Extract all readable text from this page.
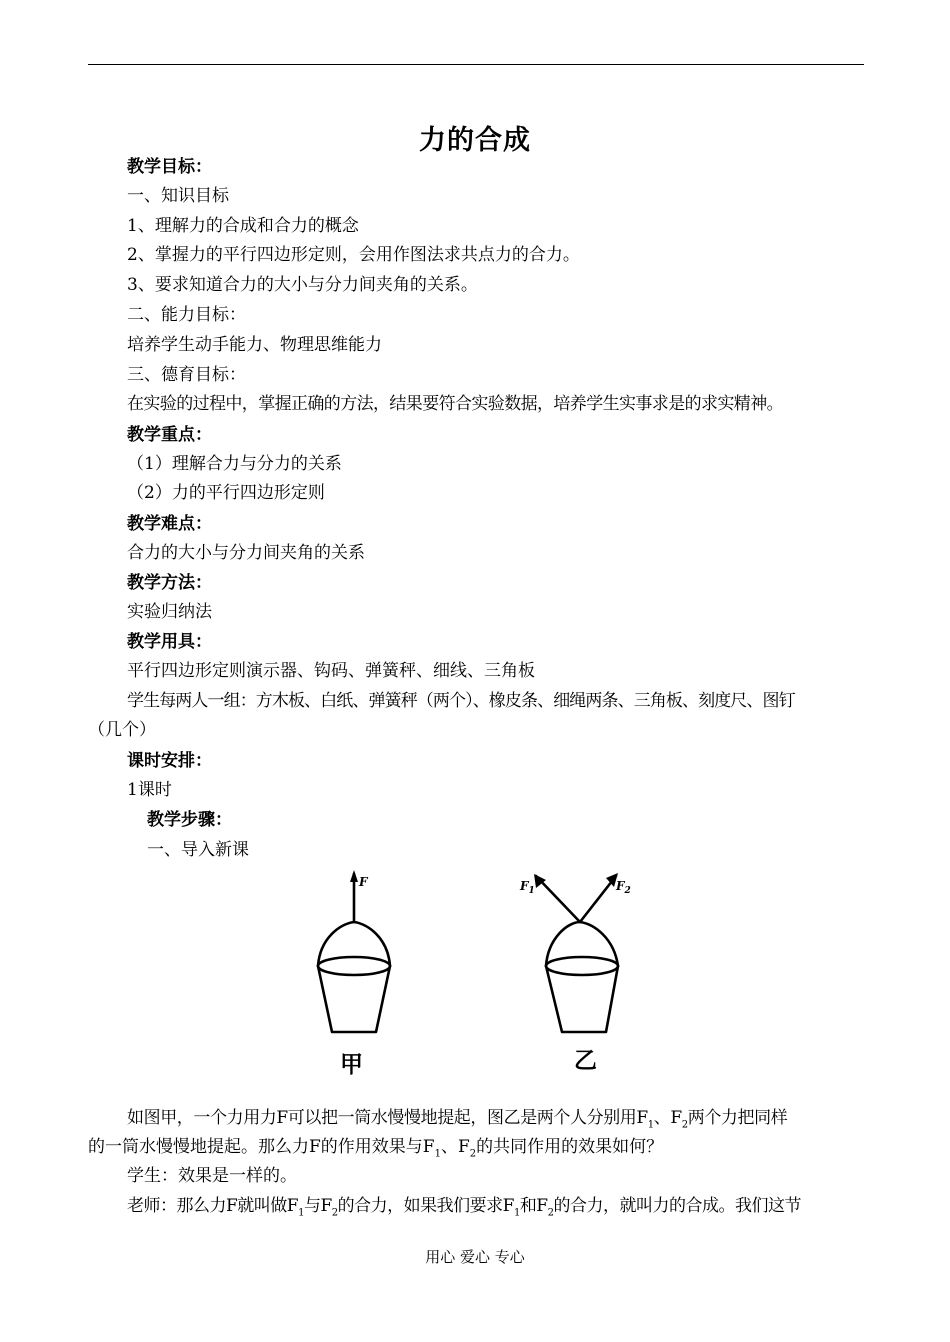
力的合成
教学目标：
一、知识目标
1、理解力的合成和合力的概念
2、掌握力的平行四边形定则，会用作图法求共点力的合力。
3、要求知道合力的大小与分力间夹角的关系。
二、能力目标：
培养学生动手能力、物理思维能力
三、德育目标：
在实验的过程中，掌握正确的方法，结果要符合实验数据，培养学生实事求是的求实精神。
教学重点：
（1）理解合力与分力的关系
（2）力的平行四边形定则
教学难点：
合力的大小与分力间夹角的关系
教学方法：
实验归纳法
教学用具：
平行四边形定则演示器、钩码、弹簧秤、细线、三角板
学生每两人一组：方木板、白纸、弹簧秤（两个）、橡皮条、细绳两条、三角板、刻度尺、图钉
（几个）
课时安排：
1课时
教学步骤：
一、导入新课
F	$F_1$	$F_2$
甲	乙
如图甲，一个力用力F可以把一筒水慢慢地提起，图乙是两个人分别用$F_1$、$F_2$两个力把同样
的一筒水慢慢地提起。那么力F的作用效果与$F_1$、$F_2$的共同作用的效果如何？
学生：效果是一样的。
老师：那么力F就叫做$F_1$与$F_2$的合力，如果我们要求$F_1$和$F_2$的合力，就叫力的合成。我们这节
用心 爱心 专心
